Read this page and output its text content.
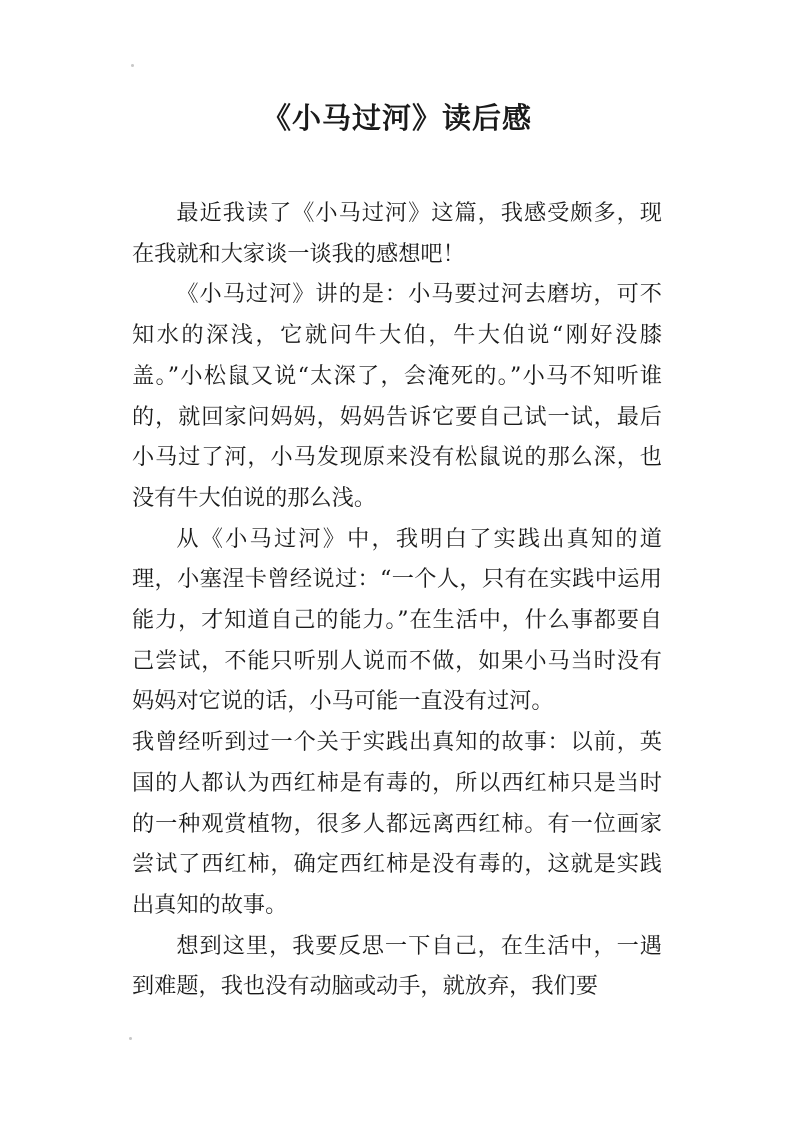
《小马过河》读后感

最近我读了《小马过河》这篇，我感受颇多，现在我就和大家谈一谈我的感想吧！

《小马过河》讲的是：小马要过河去磨坊，可不知水的深浅，它就问牛大伯，牛大伯说“刚好没膝盖。”小松鼠又说“太深了，会淹死的。”小马不知听谁的，就回家问妈妈，妈妈告诉它要自己试一试，最后小马过了河，小马发现原来没有松鼠说的那么深，也没有牛大伯说的那么浅。

从《小马过河》中，我明白了实践出真知的道理，小塞涅卡曾经说过：“一个人，只有在实践中运用能力，才知道自己的能力。”在生活中，什么事都要自己尝试，不能只听别人说而不做，如果小马当时没有妈妈对它说的话，小马可能一直没有过河。

我曾经听到过一个关于实践出真知的故事：以前，英国的人都认为西红柿是有毒的，所以西红柿只是当时的一种观赏植物，很多人都远离西红柿。有一位画家尝试了西红柿，确定西红柿是没有毒的，这就是实践出真知的故事。

想到这里，我要反思一下自己，在生活中，一遇到难题，我也没有动脑或动手，就放弃，我们要
